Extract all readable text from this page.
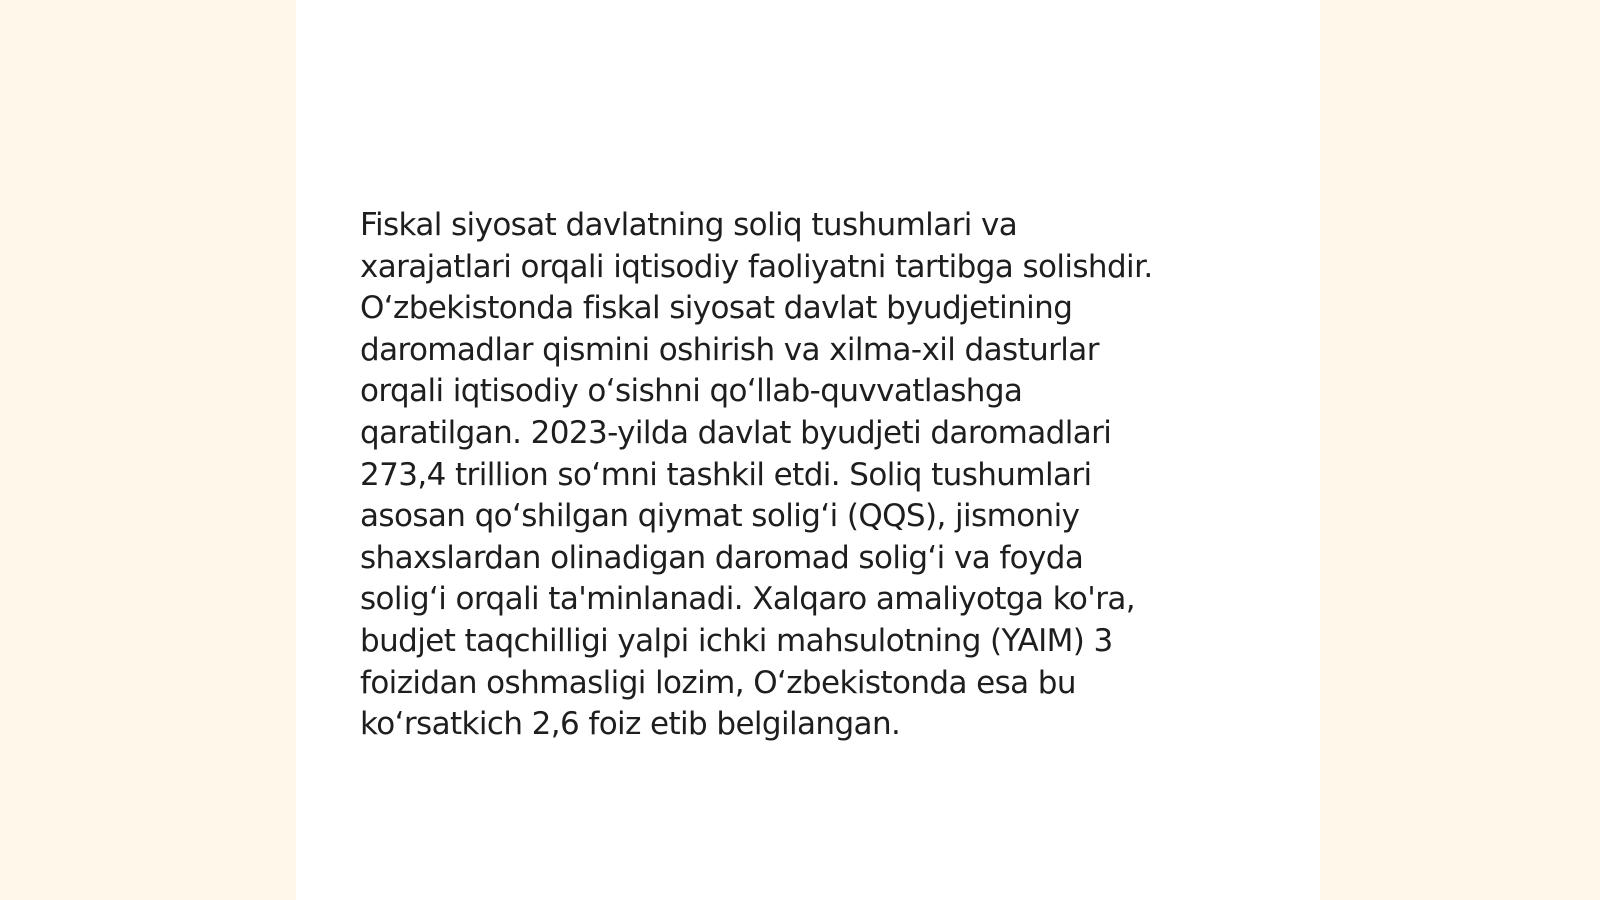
Fiskal siyosat davlatning soliq tushumlari va
xarajatlari orqali iqtisodiy faoliyatni tartibga solishdir.
O‘zbekistonda fiskal siyosat davlat byudjetining
daromadlar qismini oshirish va xilma-xil dasturlar
orqali iqtisodiy o‘sishni qo‘llab-quvvatlashga
qaratilgan. 2023-yilda davlat byudjeti daromadlari
273,4 trillion so‘mni tashkil etdi. Soliq tushumlari
asosan qo‘shilgan qiymat solig‘i (QQS), jismoniy
shaxslardan olinadigan daromad solig‘i va foyda
solig‘i orqali ta'minlanadi. Xalqaro amaliyotga ko'ra,
budjet taqchilligi yalpi ichki mahsulotning (YAIM) 3
foizidan oshmasligi lozim, O‘zbekistonda esa bu
ko‘rsatkich 2,6 foiz etib belgilangan.
